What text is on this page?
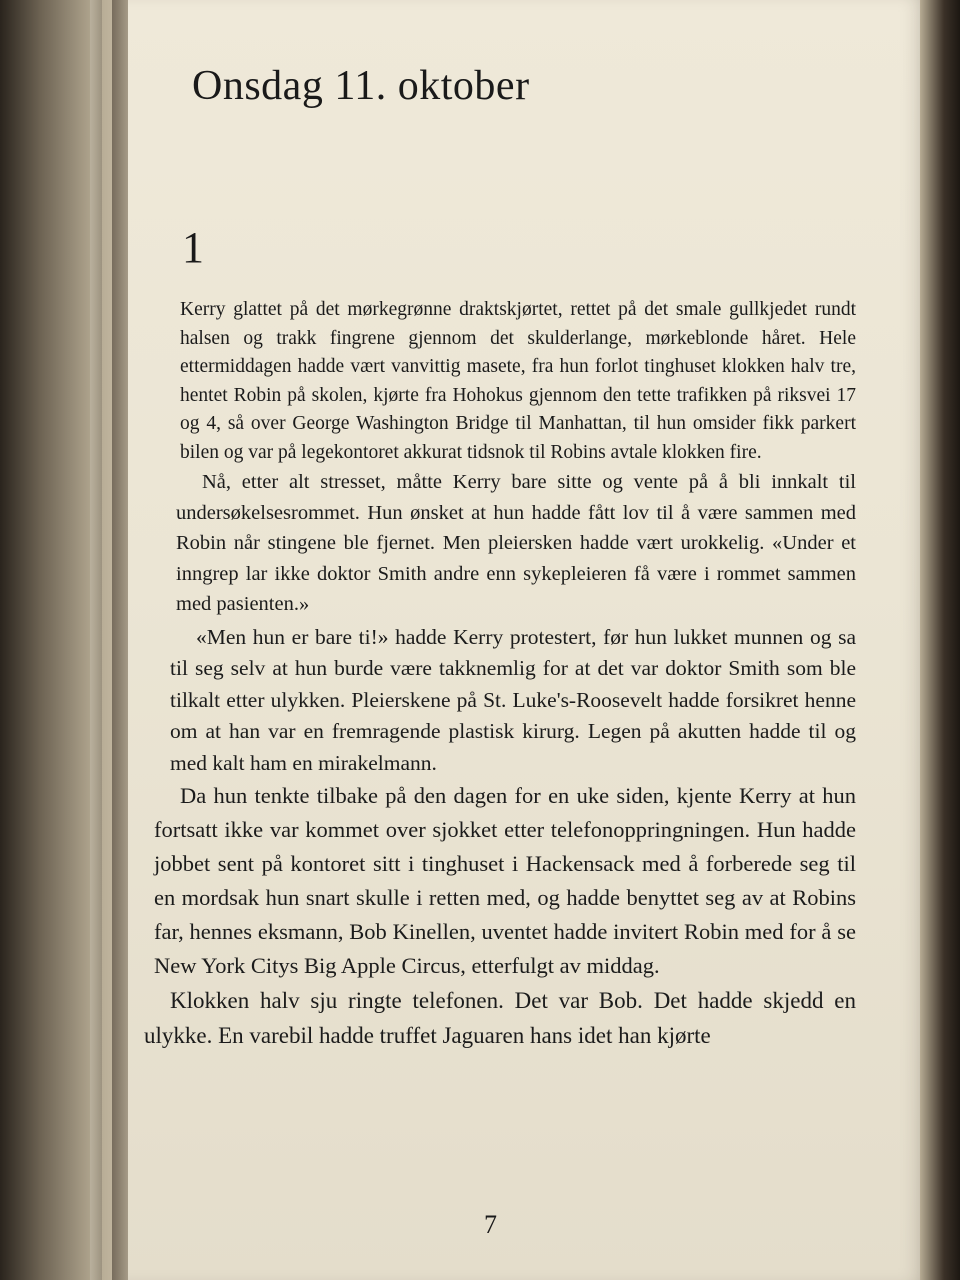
Onsdag 11. oktober
1

Kerry glattet på det mørkegrønne draktskjørtet, rettet på det smale gullkjedet rundt halsen og trakk fingrene gjennom det skulderlange, mørkeblonde håret. Hele ettermiddagen hadde vært vanvittig masete, fra hun forlot tinghuset klokken halv tre, hentet Robin på skolen, kjørte fra Hohokus gjennom den tette trafikken på riksvei 17 og 4, så over George Washington Bridge til Manhattan, til hun omsider fikk parkert bilen og var på legekontoret akkurat tidsnok til Robins avtale klokken fire.

Nå, etter alt stresset, måtte Kerry bare sitte og vente på å bli innkalt til undersøkelsesrommet. Hun ønsket at hun hadde fått lov til å være sammen med Robin når stingene ble fjernet. Men pleiersken hadde vært urokkelig. «Under et inngrep lar ikke doktor Smith andre enn sykepleieren få være i rommet sammen med pasienten.»

«Men hun er bare ti!» hadde Kerry protestert, før hun lukket munnen og sa til seg selv at hun burde være takknemlig for at det var doktor Smith som ble tilkalt etter ulykken. Pleierskene på St. Luke's-Roosevelt hadde forsikret henne om at han var en fremragende plastisk kirurg. Legen på akutten hadde til og med kalt ham en mirakelmann.

Da hun tenkte tilbake på den dagen for en uke siden, kjente Kerry at hun fortsatt ikke var kommet over sjokket etter telefonoppringningen. Hun hadde jobbet sent på kontoret sitt i tinghuset i Hackensack med å forberede seg til en mordsak hun snart skulle i retten med, og hadde benyttet seg av at Robins far, hennes eksmann, Bob Kinellen, uventet hadde invitert Robin med for å se New York Citys Big Apple Circus, etterfulgt av middag.

Klokken halv sju ringte telefonen. Det var Bob. Det hadde skjedd en ulykke. En varebil hadde truffet Jaguaren hans idet han kjørte

7
